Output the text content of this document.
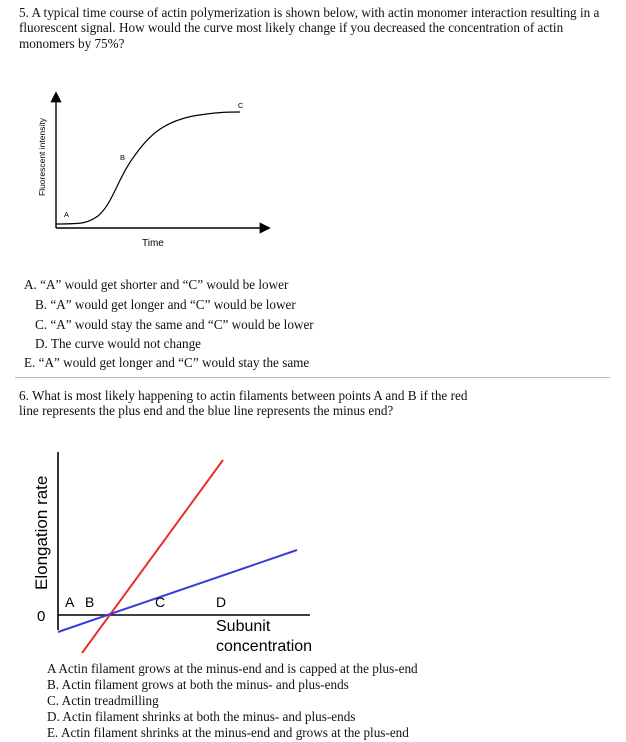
5. A typical time course of actin polymerization is shown below, with actin monomer interaction resulting in a fluorescent signal. How would the curve most likely change if you decreased the concentration of actin monomers by 75%?
Fluorescent intensity
Time
A
B
C
A. “A” would get shorter and “C” would be lower
B. “A” would get longer and “C” would be lower
C. “A” would stay the same and “C” would be lower
D. The curve would not change
E. “A” would get longer and “C” would stay the same
6. What is most likely happening to actin filaments between points A and B if the red line represents the plus end and the blue line represents the minus end?
Elongation rate
0
A B	C	D
Subunit
concentration
A Actin filament grows at the minus-end and is capped at the plus-end
B. Actin filament grows at both the minus- and plus-ends
C. Actin treadmilling
D. Actin filament shrinks at both the minus- and plus-ends
E. Actin filament shrinks at the minus-end and grows at the plus-end
